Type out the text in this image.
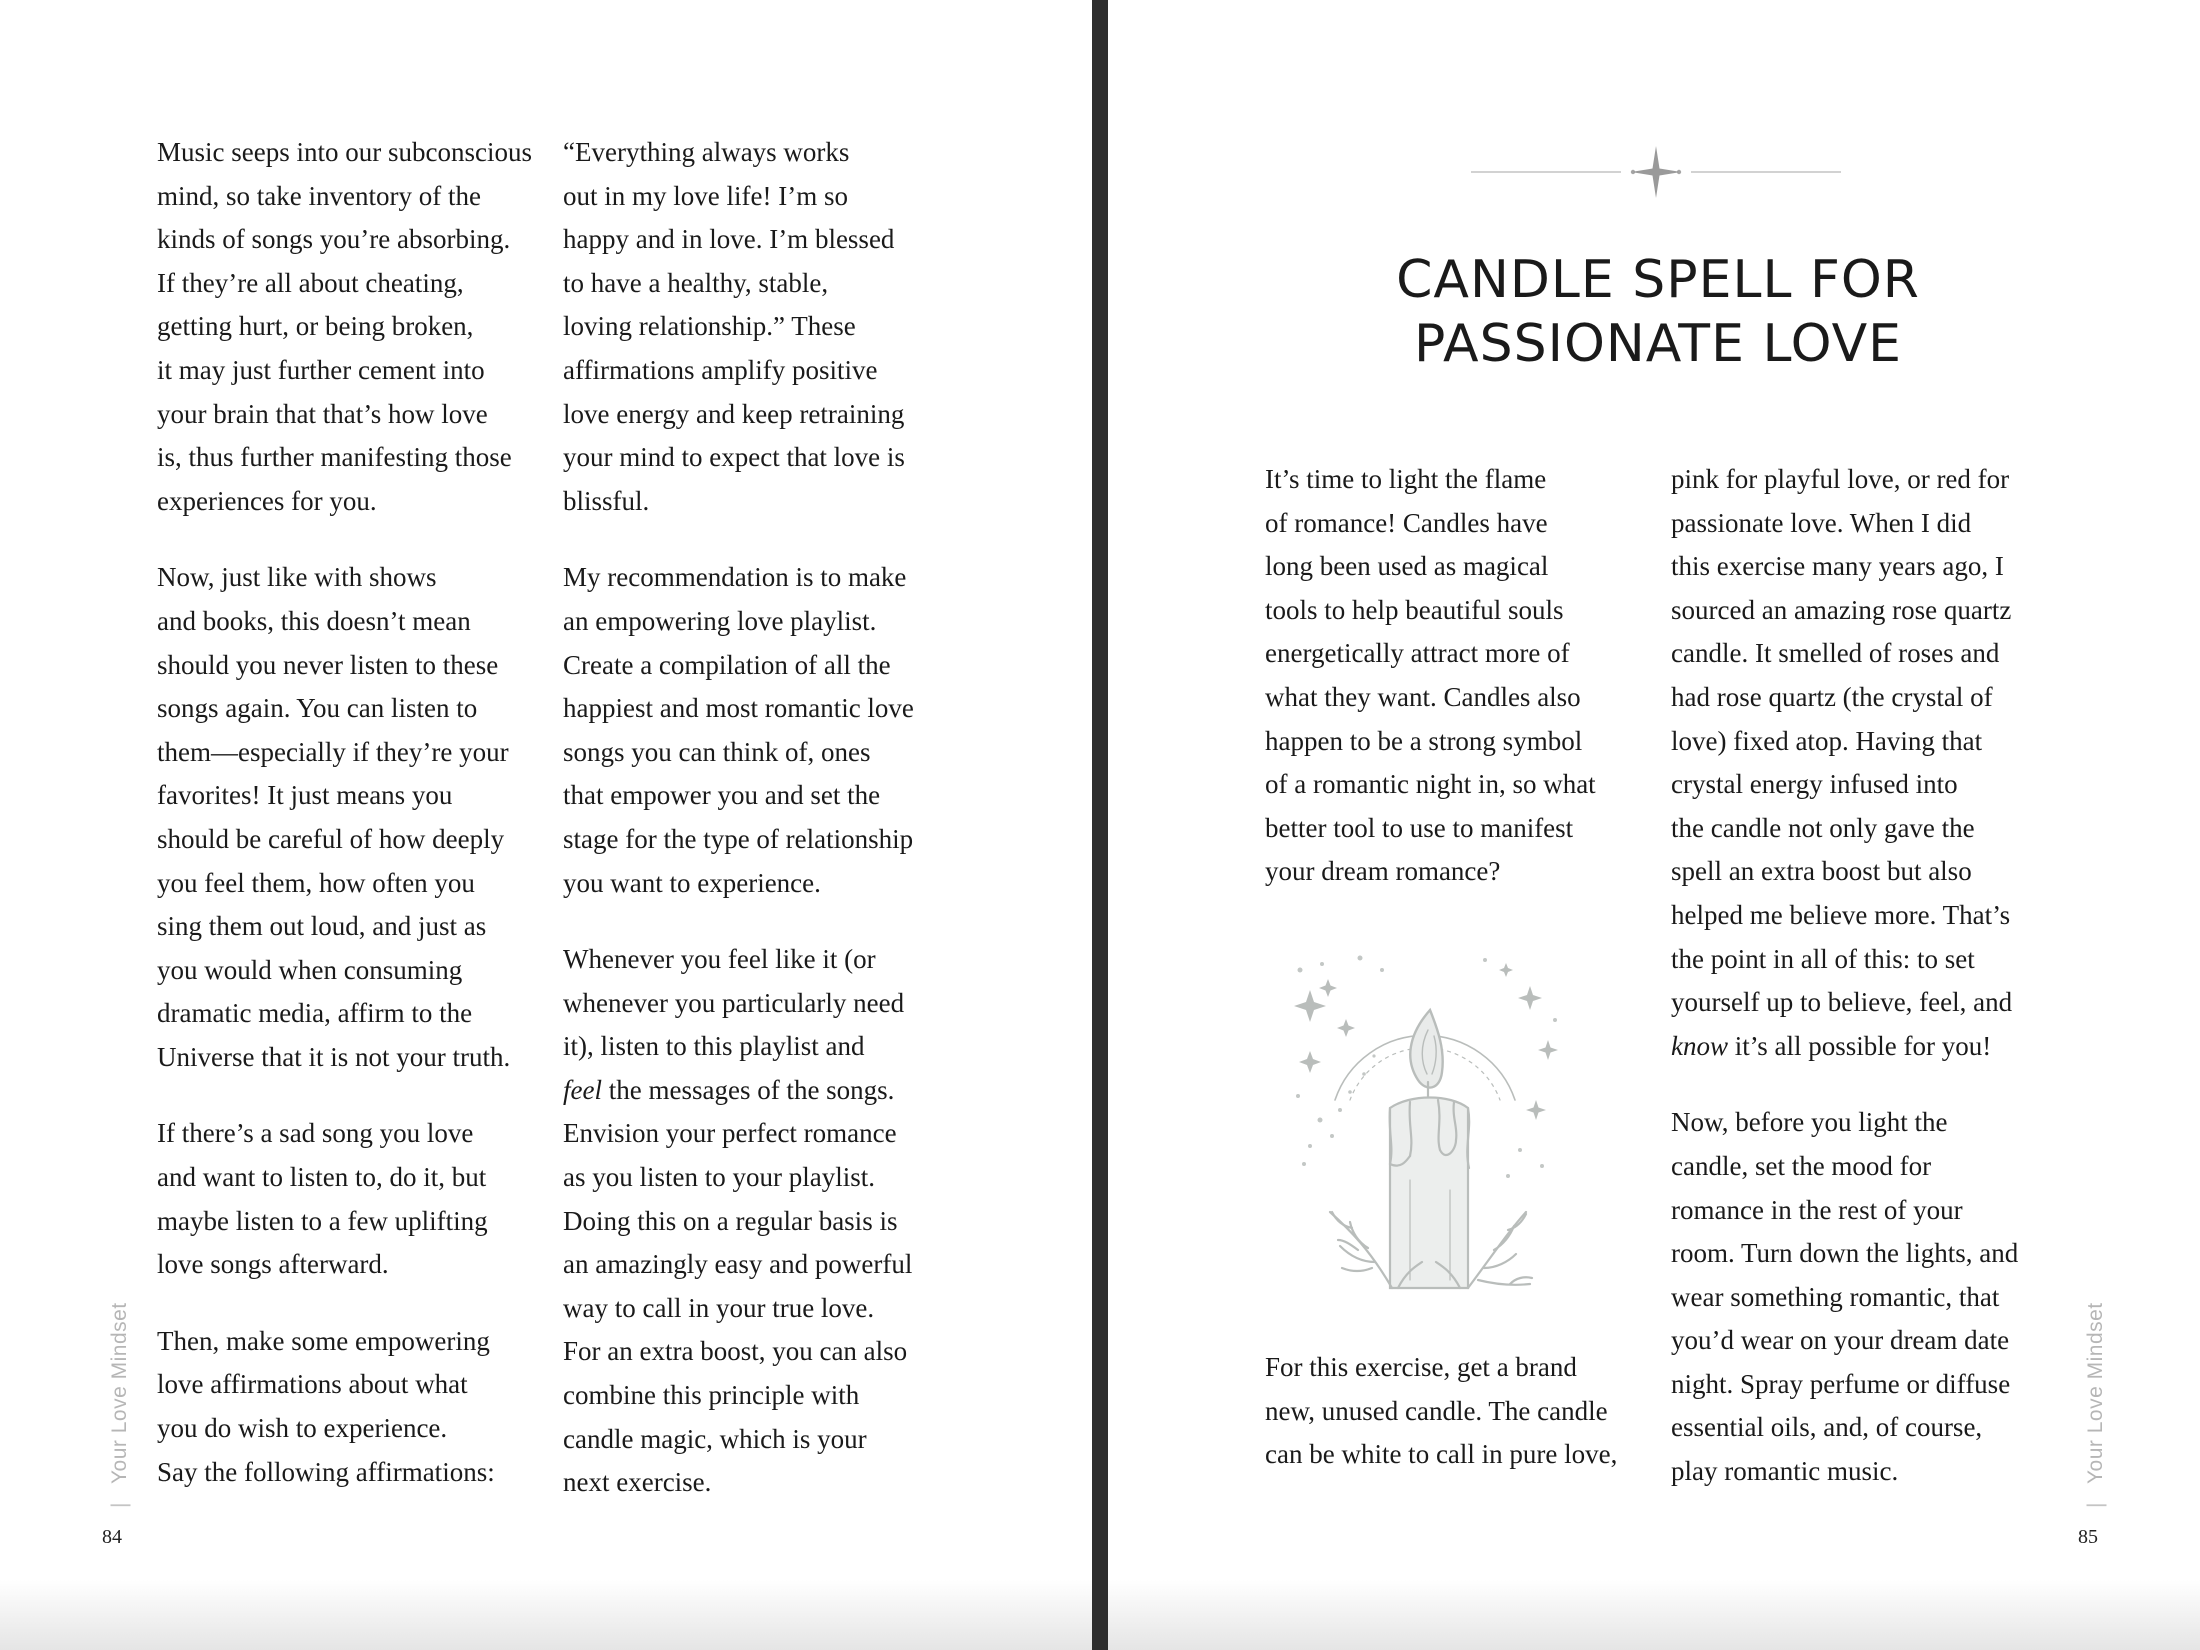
Music seeps into our subconscious
mind, so take inventory of the
kinds of songs you’re absorbing.
If they’re all about cheating,
getting hurt, or being broken,
it may just further cement into
your brain that that’s how love
is, thus further manifesting those
experiences for you.

Now, just like with shows
and books, this doesn’t mean
should you never listen to these
songs again. You can listen to
them—especially if they’re your
favorites! It just means you
should be careful of how deeply
you feel them, how often you
sing them out loud, and just as
you would when consuming
dramatic media, affirm to the
Universe that it is not your truth.

If there’s a sad song you love
and want to listen to, do it, but
maybe listen to a few uplifting
love songs afterward.

Then, make some empowering
love affirmations about what
you do wish to experience.
Say the following affirmations:

“Everything always works
out in my love life! I’m so
happy and in love. I’m blessed
to have a healthy, stable,
loving relationship.” These
affirmations amplify positive
love energy and keep retraining
your mind to expect that love is
blissful.

My recommendation is to make
an empowering love playlist.
Create a compilation of all the
happiest and most romantic love
songs you can think of, ones
that empower you and set the
stage for the type of relationship
you want to experience.

Whenever you feel like it (or
whenever you particularly need
it), listen to this playlist and
feel the messages of the songs.
Envision your perfect romance
as you listen to your playlist.
Doing this on a regular basis is
an amazingly easy and powerful
way to call in your true love.
For an extra boost, you can also
combine this principle with
candle magic, which is your
next exercise.

|Your Love Mindset
84
CANDLE SPELL FOR
PASSIONATE LOVE

It’s time to light the flame
of romance! Candles have
long been used as magical
tools to help beautiful souls
energetically attract more of
what they want. Candles also
happen to be a strong symbol
of a romantic night in, so what
better tool to use to manifest
your dream romance?

For this exercise, get a brand
new, unused candle. The candle
can be white to call in pure love,

pink for playful love, or red for
passionate love. When I did
this exercise many years ago, I
sourced an amazing rose quartz
candle. It smelled of roses and
had rose quartz (the crystal of
love) fixed atop. Having that
crystal energy infused into
the candle not only gave the
spell an extra boost but also
helped me believe more. That’s
the point in all of this: to set
yourself up to believe, feel, and
know it’s all possible for you!

Now, before you light the
candle, set the mood for
romance in the rest of your
room. Turn down the lights, and
wear something romantic, that
you’d wear on your dream date
night. Spray perfume or diffuse
essential oils, and, of course,
play romantic music.

|Your Love Mindset
85
